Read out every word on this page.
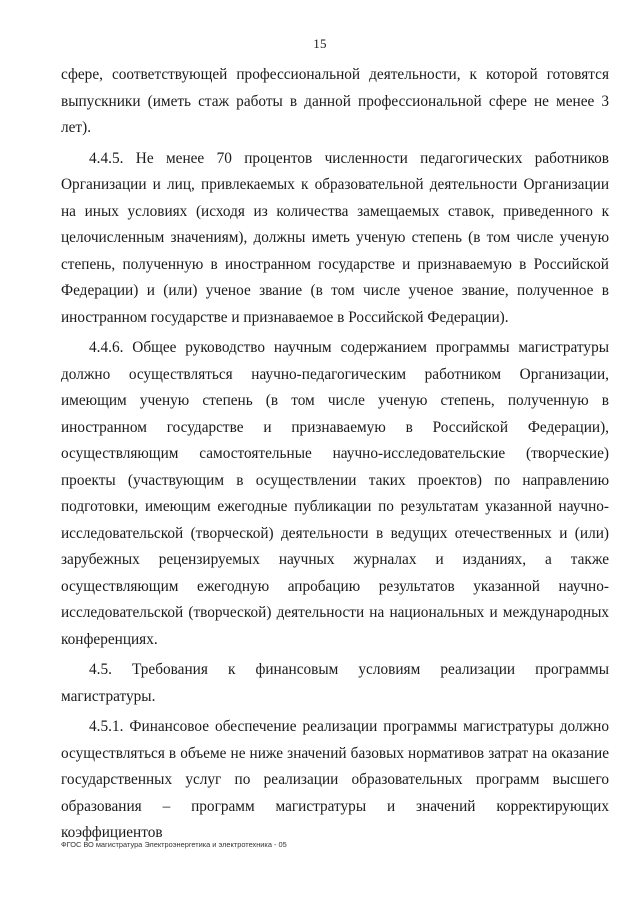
15

сфере, соответствующей профессиональной деятельности, к которой готовятся выпускники (иметь стаж работы в данной профессиональной сфере не менее 3 лет).

4.4.5. Не менее 70 процентов численности педагогических работников Организации и лиц, привлекаемых к образовательной деятельности Организации на иных условиях (исходя из количества замещаемых ставок, приведенного к целочисленным значениям), должны иметь ученую степень (в том числе ученую степень, полученную в иностранном государстве и признаваемую в Российской Федерации) и (или) ученое звание (в том числе ученое звание, полученное в иностранном государстве и признаваемое в Российской Федерации).

4.4.6. Общее руководство научным содержанием программы магистратуры должно осуществляться научно-педагогическим работником Организации, имеющим ученую степень (в том числе ученую степень, полученную в иностранном государстве и признаваемую в Российской Федерации), осуществляющим самостоятельные научно-исследовательские (творческие) проекты (участвующим в осуществлении таких проектов) по направлению подготовки, имеющим ежегодные публикации по результатам указанной научно-исследовательской (творческой) деятельности в ведущих отечественных и (или) зарубежных рецензируемых научных журналах и изданиях, а также осуществляющим ежегодную апробацию результатов указанной научно-исследовательской (творческой) деятельности на национальных и международных конференциях.

4.5. Требования к финансовым условиям реализации программы магистратуры.

4.5.1. Финансовое обеспечение реализации программы магистратуры должно осуществляться в объеме не ниже значений базовых нормативов затрат на оказание государственных услуг по реализации образовательных программ высшего образования – программ магистратуры и значений корректирующих коэффициентов

ФГОС ВО магистратура Электроэнергетика и электротехника - 05
